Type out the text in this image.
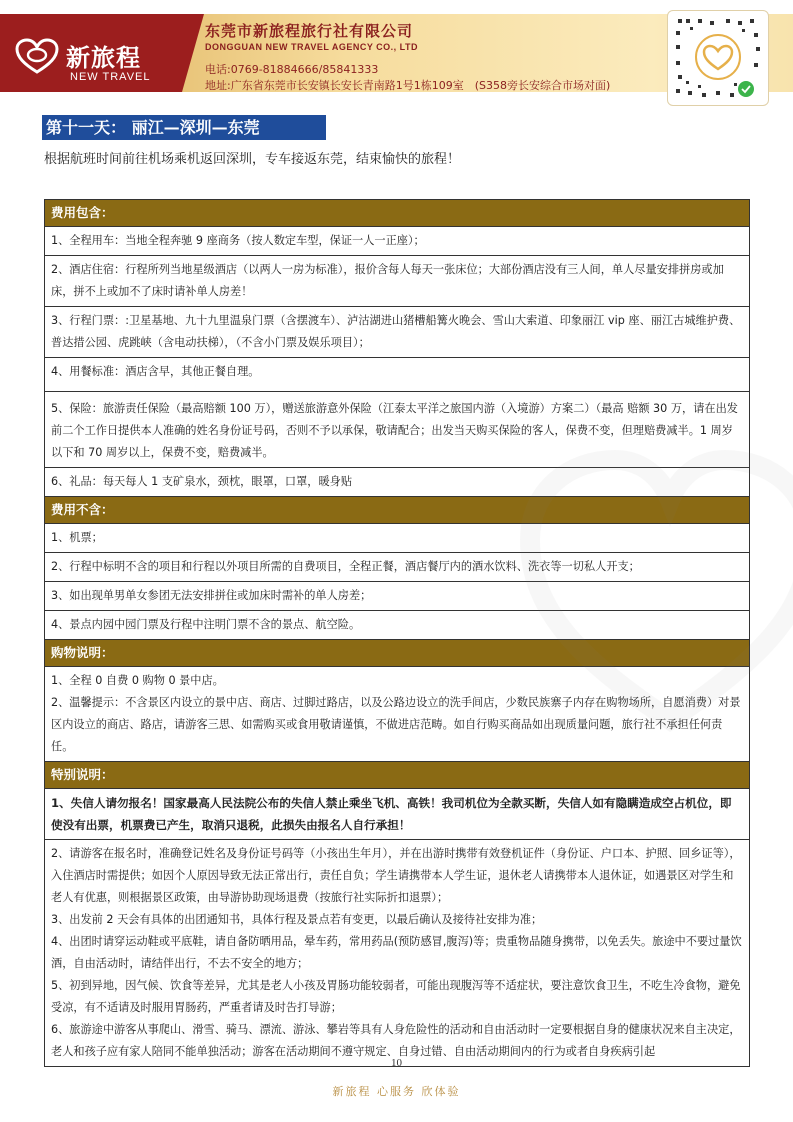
新旅程
NEW TRAVEL
东莞市新旅程旅行社有限公司
DONGGUAN NEW TRAVEL AGENCY CO., LTD
电话:0769-81884666/85841333
地址:广东省东莞市长安镇长安长青南路1号1栋109室　(S358旁长安综合市场对面)
第十一天： 丽江—深圳—东莞
根据航班时间前往机场乘机返回深圳，专车接返东莞，结束愉快的旅程！
费用包含：
1、全程用车：当地全程奔驰 9 座商务（按人数定车型，保证一人一正座）；
2、酒店住宿：行程所列当地星级酒店（以两人一房为标准），报价含每人每天一张床位；大部份酒店没有三人间，单人尽量安排拼房或加床，拼不上或加不了床时请补单人房差！
3、行程门票：:卫星基地、九十九里温泉门票（含摆渡车）、泸沽湖进山猪槽船篝火晚会、雪山大索道、印象丽江 vip 座、丽江古城维护费、普达措公园、虎跳峡（含电动扶梯），（不含小门票及娱乐项目）；
4、用餐标准：酒店含早，其他正餐自理。
5、保险：旅游责任保险（最高赔额 100 万），赠送旅游意外保险（江泰太平洋之旅国内游（入境游）方案二）（最高 赔额 30 万，请在出发前二个工作日提供本人准确的姓名身份证号码，否则不予以承保，敬请配合；出发当天购买保险的客人，保费不变，但理赔费减半。1 周岁以下和 70 周岁以上，保费不变，赔费减半。
6、礼品：每天每人 1 支矿泉水，颈枕，眼罩，口罩，暖身贴
费用不含：
1、机票；
2、行程中标明不含的项目和行程以外项目所需的自费项目，全程正餐，酒店餐厅内的酒水饮料、洗衣等一切私人开支；
3、如出现单男单女参团无法安排拼住或加床时需补的单人房差；
4、景点内园中园门票及行程中注明门票不含的景点、航空险。
购物说明：
1、全程 0 自费 0 购物 0 景中店。
2、温馨提示：不含景区内设立的景中店、商店、过脚过路店，以及公路边设立的洗手间店，少数民族寨子内存在购物场所，自愿消费）对景区内设立的商店、路店，请游客三思、如需购买或食用敬请谨慎，不做进店范畴。如自行购买商品如出现质量问题，旅行社不承担任何责任。
特别说明：
1、失信人请勿报名！国家最高人民法院公布的失信人禁止乘坐飞机、高铁！我司机位为全款买断，失信人如有隐瞒造成空占机位，即使没有出票，机票费已产生，取消只退税，此损失由报名人自行承担！
2、请游客在报名时，准确登记姓名及身份证号码等（小孩出生年月），并在出游时携带有效登机证件（身份证、户口本、护照、回乡证等），入住酒店时需提供；如因个人原因导致无法正常出行，责任自负；学生请携带本人学生证，退休老人请携带本人退休证，如遇景区对学生和老人有优惠，则根据景区政策，由导游协助现场退费（按旅行社实际折扣退票）；
3、出发前 2 天会有具体的出团通知书，具体行程及景点若有变更，以最后确认及接待社安排为准；
4、出团时请穿运动鞋或平底鞋，请自备防晒用品，晕车药，常用药品(预防感冒,腹泻)等；贵重物品随身携带，以免丢失。旅途中不要过量饮酒，自由活动时，请结伴出行，不去不安全的地方；
5、初到异地，因气候、饮食等差异，尤其是老人小孩及胃肠功能较弱者，可能出现腹泻等不适症状，要注意饮食卫生，不吃生冷食物，避免受凉，有不适请及时服用胃肠药，严重者请及时告打导游；
6、旅游途中游客从事爬山、滑雪、骑马、漂流、游泳、攀岩等具有人身危险性的活动和自由活动时一定要根据自身的健康状况来自主决定，老人和孩子应有家人陪同不能单独活动；游客在活动期间不遵守规定、自身过错、自由活动期间内的行为或者自身疾病引起
10
新旅程 心服务 欣体验
